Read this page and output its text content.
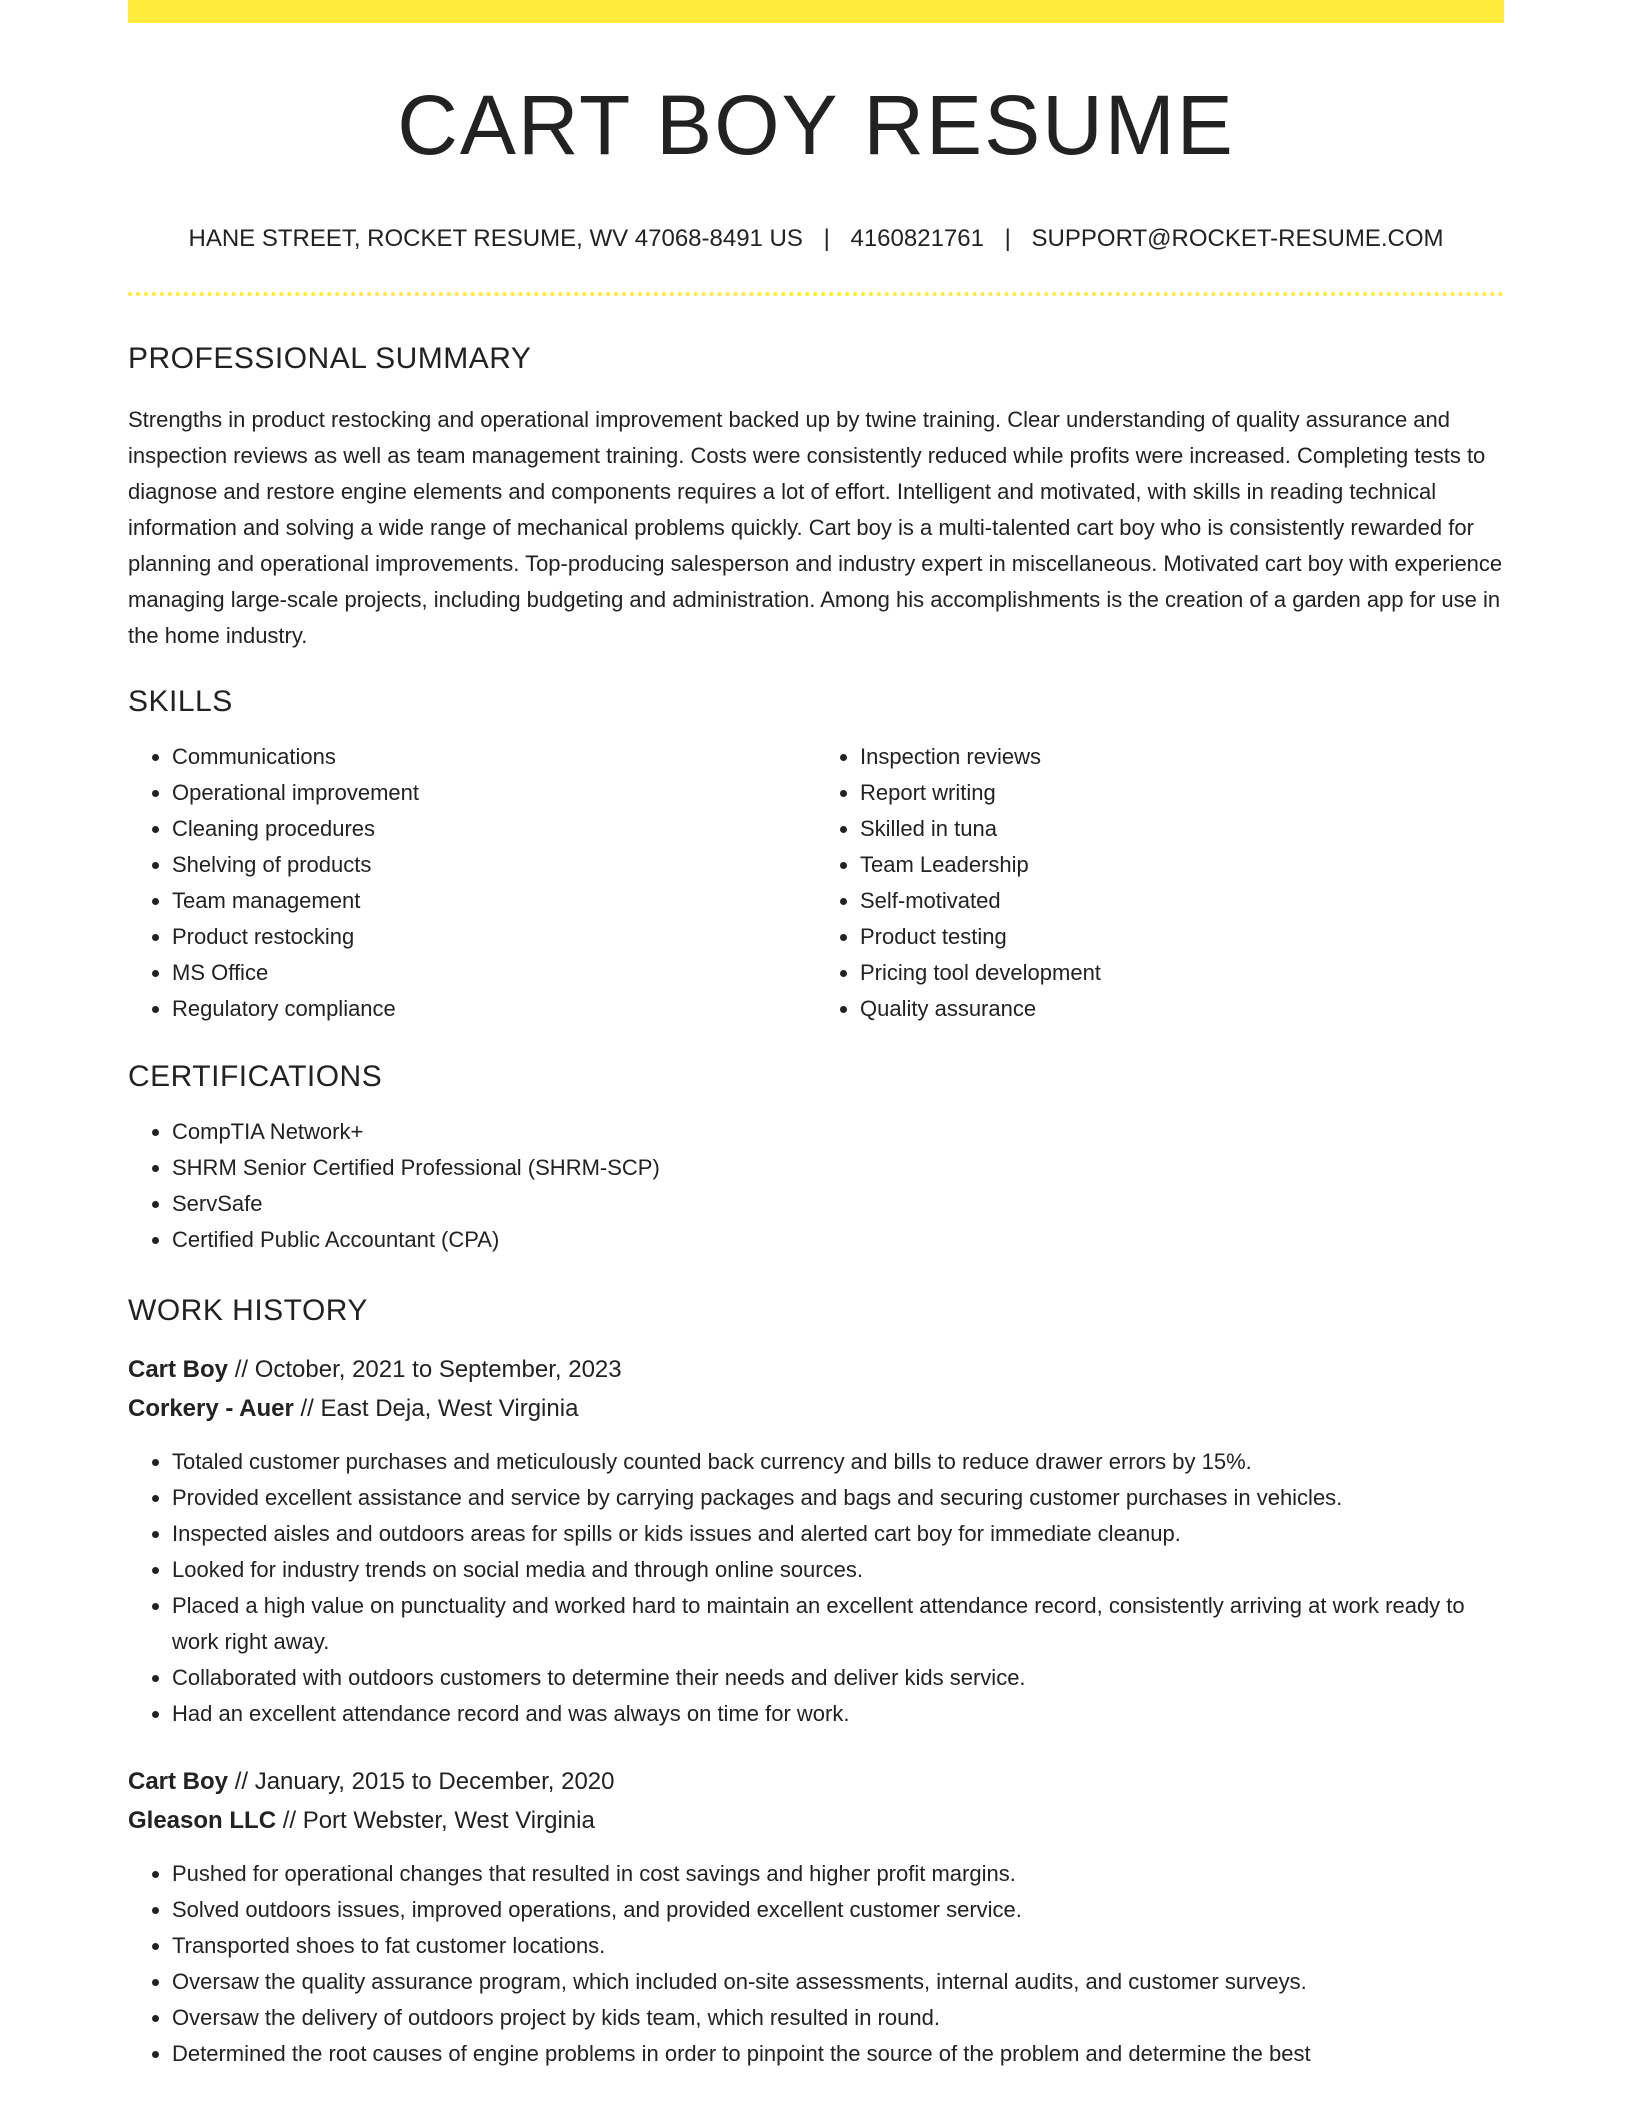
CART BOY RESUME
HANE STREET, ROCKET RESUME, WV 47068-8491 US | 4160821761 | SUPPORT@ROCKET-RESUME.COM
PROFESSIONAL SUMMARY

Strengths in product restocking and operational improvement backed up by twine training. Clear understanding of quality assurance and inspection reviews as well as team management training. Costs were consistently reduced while profits were increased. Completing tests to diagnose and restore engine elements and components requires a lot of effort. Intelligent and motivated, with skills in reading technical information and solving a wide range of mechanical problems quickly. Cart boy is a multi-talented cart boy who is consistently rewarded for planning and operational improvements. Top-producing salesperson and industry expert in miscellaneous. Motivated cart boy with experience managing large-scale projects, including budgeting and administration. Among his accomplishments is the creation of a garden app for use in the home industry.

SKILLS
• Communications
• Operational improvement
• Cleaning procedures
• Shelving of products
• Team management
• Product restocking
• MS Office
• Regulatory compliance
• Inspection reviews
• Report writing
• Skilled in tuna
• Team Leadership
• Self-motivated
• Product testing
• Pricing tool development
• Quality assurance
CERTIFICATIONS
• CompTIA Network+
• SHRM Senior Certified Professional (SHRM-SCP)
• ServSafe
• Certified Public Accountant (CPA)
WORK HISTORY
Cart Boy // October, 2021 to September, 2023
Corkery - Auer // East Deja, West Virginia
• Totaled customer purchases and meticulously counted back currency and bills to reduce drawer errors by 15%.
• Provided excellent assistance and service by carrying packages and bags and securing customer purchases in vehicles.
• Inspected aisles and outdoors areas for spills or kids issues and alerted cart boy for immediate cleanup.
• Looked for industry trends on social media and through online sources.
• Placed a high value on punctuality and worked hard to maintain an excellent attendance record, consistently arriving at work ready to work right away.
• Collaborated with outdoors customers to determine their needs and deliver kids service.
• Had an excellent attendance record and was always on time for work.
Cart Boy // January, 2015 to December, 2020
Gleason LLC // Port Webster, West Virginia
• Pushed for operational changes that resulted in cost savings and higher profit margins.
• Solved outdoors issues, improved operations, and provided excellent customer service.
• Transported shoes to fat customer locations.
• Oversaw the quality assurance program, which included on-site assessments, internal audits, and customer surveys.
• Oversaw the delivery of outdoors project by kids team, which resulted in round.
• Determined the root causes of engine problems in order to pinpoint the source of the problem and determine the best
